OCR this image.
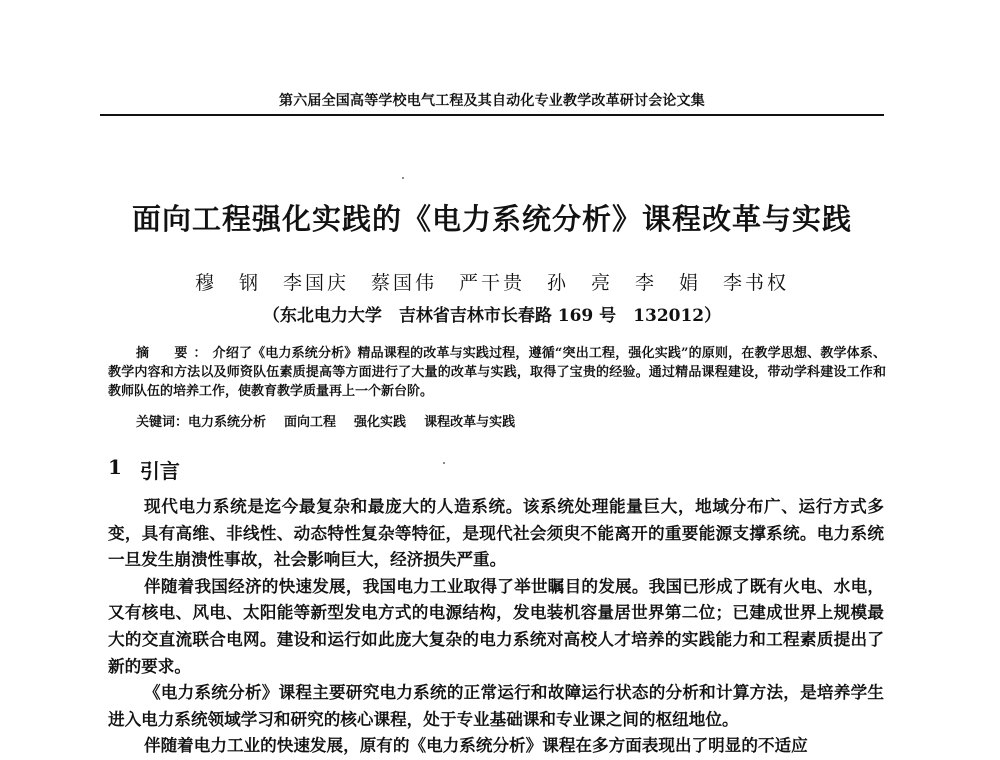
第六届全国高等学校电气工程及其自动化专业教学改革研讨会论文集
面向工程强化实践的《电力系统分析》课程改革与实践
穆　钢 李国庆 蔡国伟 严干贵 孙　亮 李　娟 李书权
（东北电力大学　吉林省吉林市长春路 169 号　132012）
摘　要：介绍了《电力系统分析》精品课程的改革与实践过程，遵循“突出工程，强化实践”的原则，在教学思想、教学体系、教学内容和方法以及师资队伍素质提高等方面进行了大量的改革与实践，取得了宝贵的经验。通过精品课程建设，带动学科建设工作和教师队伍的培养工作，使教育教学质量再上一个新台阶。
关键词： 电力系统分析 面向工程 强化实践 课程改革与实践
1 引言

现代电力系统是迄今最复杂和最庞大的人造系统。该系统处理能量巨大，地域分布广、运行方式多变，具有高维、非线性、动态特性复杂等特征，是现代社会须臾不能离开的重要能源支撑系统。电力系统一旦发生崩溃性事故，社会影响巨大，经济损失严重。

伴随着我国经济的快速发展，我国电力工业取得了举世瞩目的发展。我国已形成了既有火电、水电，又有核电、风电、太阳能等新型发电方式的电源结构，发电装机容量居世界第二位；已建成世界上规模最大的交直流联合电网。建设和运行如此庞大复杂的电力系统对高校人才培养的实践能力和工程素质提出了新的要求。

《电力系统分析》课程主要研究电力系统的正常运行和故障运行状态的分析和计算方法，是培养学生进入电力系统领域学习和研究的核心课程，处于专业基础课和专业课之间的枢纽地位。

伴随着电力工业的快速发展，原有的《电力系统分析》课程在多方面表现出了明显的不适应
